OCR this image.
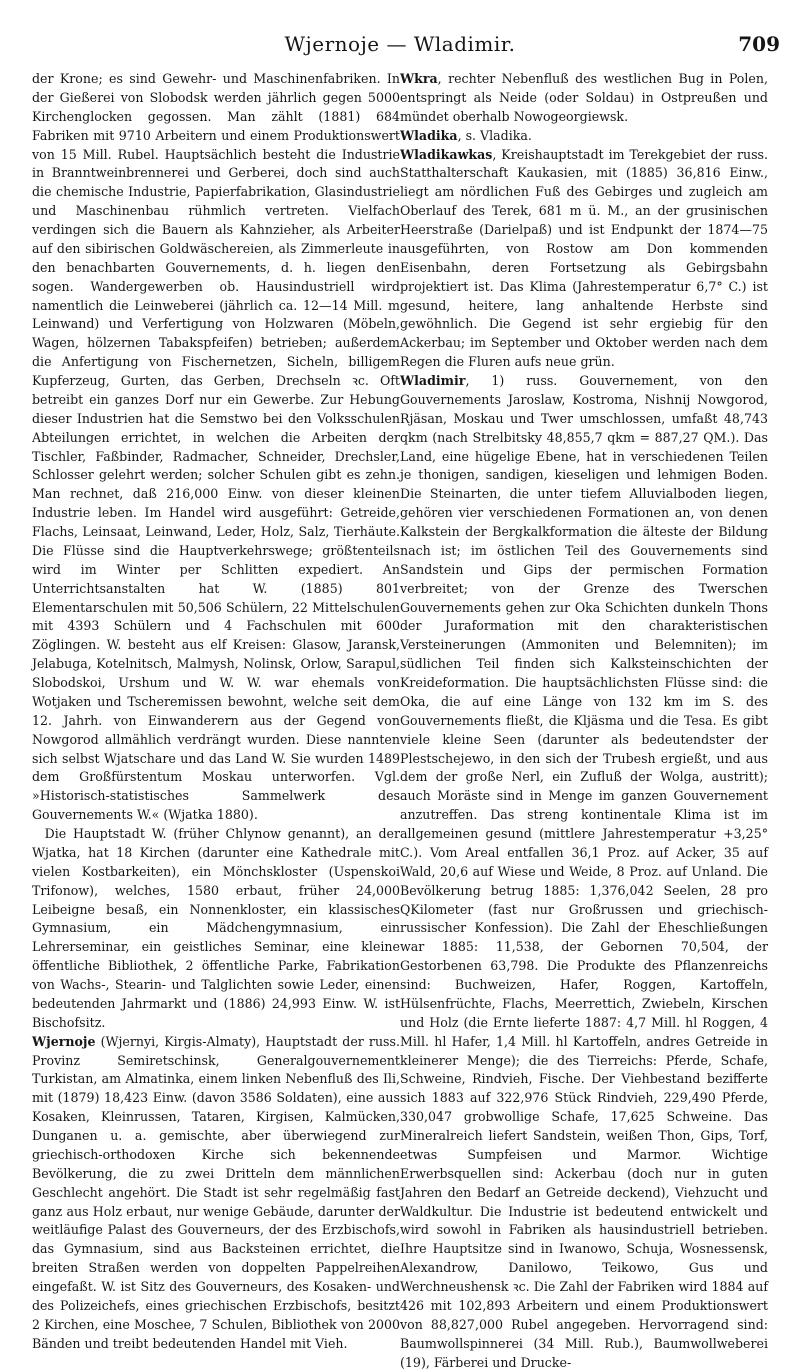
Wjernoje — Wladimir.	709

der Krone; es sind Gewehr- und Maschinenfabriken. In der Gießerei von Slobodsk werden jährlich gegen 5000 Kirchenglocken gegossen. Man zählt (1881) 684 Fabriken mit 9710 Arbeitern und einem Produktionswert von 15 Mill. Rubel. Hauptsächlich besteht die Industrie in Branntweinbrennerei und Gerberei, doch sind auch die chemische Industrie, Papierfabrikation, Glasindustrie und Maschinenbau rühmlich vertreten. Vielfach verdingen sich die Bauern als Kahnzieher, als Arbeiter auf den sibirischen Goldwäschereien, als Zimmerleute in den benachbarten Gouvernements, d. h. liegen den sogen. Wandergewerben ob. Hausindustriell wird namentlich die Leinweberei (jährlich ca. 12—14 Mill. m Leinwand) und Verfertigung von Holzwaren (Möbeln, Wagen, hölzernen Tabakspfeifen) betrieben; außerdem die Anfertigung von Fischernetzen, Sicheln, billigem Kupferzeug, Gurten, das Gerben, Drechseln ꝛc. Oft betreibt ein ganzes Dorf nur ein Gewerbe. Zur Hebung dieser Industrien hat die Semstwo bei den Volksschulen Abteilungen errichtet, in welchen die Arbeiten der Tischler, Faßbinder, Radmacher, Schneider, Drechsler, Schlosser gelehrt werden; solcher Schulen gibt es zehn. Man rechnet, daß 216,000 Einw. von dieser kleinen Industrie leben. Im Handel wird ausgeführt: Getreide, Flachs, Leinsaat, Leinwand, Leder, Holz, Salz, Tierhäute. Die Flüsse sind die Hauptverkehrswege; größtenteils wird im Winter per Schlitten expediert. An Unterrichtsanstalten hat W. (1885) 801 Elementarschulen mit 50,506 Schülern, 22 Mittelschulen mit 4393 Schülern und 4 Fachschulen mit 600 Zöglingen. W. besteht aus elf Kreisen: Glasow, Jaransk, Jelabuga, Kotelnitsch, Malmysh, Nolinsk, Orlow, Sarapul, Slobodskoi, Urshum und W. W. war ehemals von Wotjaken und Tscheremissen bewohnt, welche seit dem 12. Jahrh. von Einwanderern aus der Gegend von Nowgorod allmählich verdrängt wurden. Diese nannten sich selbst Wjatscharе und das Land W. Sie wurden 1489 dem Großfürstentum Moskau unterworfen. Vgl. »Historisch-statistisches Sammelwerk des Gouvernements W.« (Wjatka 1880).

 Die Hauptstadt W. (früher Chlynow genannt), an der Wjatka, hat 18 Kirchen (darunter eine Kathedrale mit vielen Kostbarkeiten), ein Mönchskloster (Uspenskoi Trifonow), welches, 1580 erbaut, früher 24,000 Leibeigne besaß, ein Nonnenkloster, ein klassisches Gymnasium, ein Mädchengymnasium, ein Lehrerseminar, ein geistliches Seminar, eine kleine öffentliche Bibliothek, 2 öffentliche Parke, Fabrikation von Wachs-, Stearin- und Talglichten sowie Leder, einen bedeutenden Jahrmarkt und (1886) 24,993 Einw. W. ist Bischofsitz.

Wjernoje (Wjernyi, Kirgis-Almaty), Hauptstadt der russ. Provinz Semiretschinsk, Generalgouvernement Turkistan, am Almatinka, einem linken Nebenfluß des Ili, mit (1879) 18,423 Einw. (davon 3586 Soldaten), eine aus Kosaken, Kleinrussen, Tataren, Kirgisen, Kalmücken, Dunganen u. a. gemischte, aber überwiegend zur griechisch-orthodoxen Kirche sich bekennende Bevölkerung, die zu zwei Dritteln dem männlichen Geschlecht angehört. Die Stadt ist sehr regelmäßig fast ganz aus Holz erbaut, nur wenige Gebäude, darunter der weitläufige Palast des Gouverneurs, der des Erzbischofs, das Gymnasium, sind aus Backsteinen errichtet, die breiten Straßen werden von doppelten Pappelreihen eingefaßt. W. ist Sitz des Gouverneurs, des Kosaken- und des Polizeichefs, eines griechischen Erzbischofs, besitzt 2 Kirchen, eine Moschee, 7 Schulen, Bibliothek von 2000 Bänden und treibt bedeutenden Handel mit Vieh.

Wkra, rechter Nebenfluß des westlichen Bug in Polen, entspringt als Neide (oder Soldau) in Ostpreußen und mündet oberhalb Nowogeorgiewsk.

Wladika, s. Vladika.

Wladikawkas, Kreishauptstadt im Terekgebiet der russ. Statthalterschaft Kaukasien, mit (1885) 36,816 Einw., liegt am nördlichen Fuß des Gebirges und zugleich am Oberlauf des Terek, 681 m ü. M., an der grusinischen Heerstraße (Darielpaß) und ist Endpunkt der 1874—75 ausgeführten, von Rostow am Don kommenden Eisenbahn, deren Fortsetzung als Gebirgsbahn projektiert ist. Das Klima (Jahrestemperatur 6,7° C.) ist gesund, heitere, lang anhaltende Herbste sind gewöhnlich. Die Gegend ist sehr ergiebig für den Ackerbau; im September und Oktober werden nach dem Regen die Fluren aufs neue grün.

Wladimir, 1) russ. Gouvernement, von den Gouvernements Jaroslaw, Kostroma, Nishnij Nowgorod, Rjäsan, Moskau und Twer umschlossen, umfaßt 48,743 qkm (nach Strelbitsky 48,855,7 qkm = 887,27 QM.). Das Land, eine hügelige Ebene, hat in verschiedenen Teilen je thonigen, sandigen, kieseligen und lehmigen Boden. Die Steinarten, die unter tiefem Alluvialboden liegen, gehören vier verschiedenen Formationen an, von denen Kalkstein der Bergkalkformation die älteste der Bildung nach ist; im östlichen Teil des Gouvernements sind Sandstein und Gips der permischen Formation verbreitet; von der Grenze des Twerschen Gouvernements gehen zur Oka Schichten dunkeln Thons der Juraformation mit den charakteristischen Versteinerungen (Ammoniten und Belemniten); im südlichen Teil finden sich Kalksteinschichten der Kreideformation. Die hauptsächlichsten Flüsse sind: die Oka, die auf eine Länge von 132 km im S. des Gouvernements fließt, die Kljäsma und die Tesa. Es gibt viele kleine Seen (darunter als bedeutendster der Plestschejewo, in den sich der Trubesh ergießt, und aus dem der große Nerl, ein Zufluß der Wolga, austritt); auch Moräste sind in Menge im ganzen Gouvernement anzutreffen. Das streng kontinentale Klima ist im allgemeinen gesund (mittlere Jahrestemperatur +3,25° C.). Vom Areal entfallen 36,1 Proz. auf Acker, 35 auf Wald, 20,6 auf Wiese und Weide, 8 Proz. auf Unland. Die Bevölkerung betrug 1885: 1,376,042 Seelen, 28 pro QKilometer (fast nur Großrussen und griechisch-russischer Konfession). Die Zahl der Eheschließungen war 1885: 11,538, der Gebornen 70,504, der Gestorbenen 63,798. Die Produkte des Pflanzenreichs sind: Buchweizen, Hafer, Roggen, Kartoffeln, Hülsenfrüchte, Flachs, Meerrettich, Zwiebeln, Kirschen und Holz (die Ernte lieferte 1887: 4,7 Mill. hl Roggen, 4 Mill. hl Hafer, 1,4 Mill. hl Kartoffeln, andres Getreide in kleinerer Menge); die des Tierreichs: Pferde, Schafe, Schweine, Rindvieh, Fische. Der Viehbestand bezifferte sich 1883 auf 322,976 Stück Rindvieh, 229,490 Pferde, 330,047 grobwollige Schafe, 17,625 Schweine. Das Mineralreich liefert Sandstein, weißen Thon, Gips, Torf, etwas Sumpfeisen und Marmor. Wichtige Erwerbsquellen sind: Ackerbau (doch nur in guten Jahren den Bedarf an Getreide deckend), Viehzucht und Waldkultur. Die Industrie ist bedeutend entwickelt und wird sowohl in Fabriken als hausindustriell betrieben. Ihre Hauptsitze sind in Iwanowo, Schuja, Wosnessensk, Alexandrow, Danilowo, Teikowo, Gus und Werchneushensk ꝛc. Die Zahl der Fabriken wird 1884 auf 426 mit 102,893 Arbeitern und einem Produktionswert von 88,827,000 Rubel angegeben. Hervorragend sind: Baumwollspinnerei (34 Mill. Rub.), Baumwollweberei (19), Färberei und Drucke-
